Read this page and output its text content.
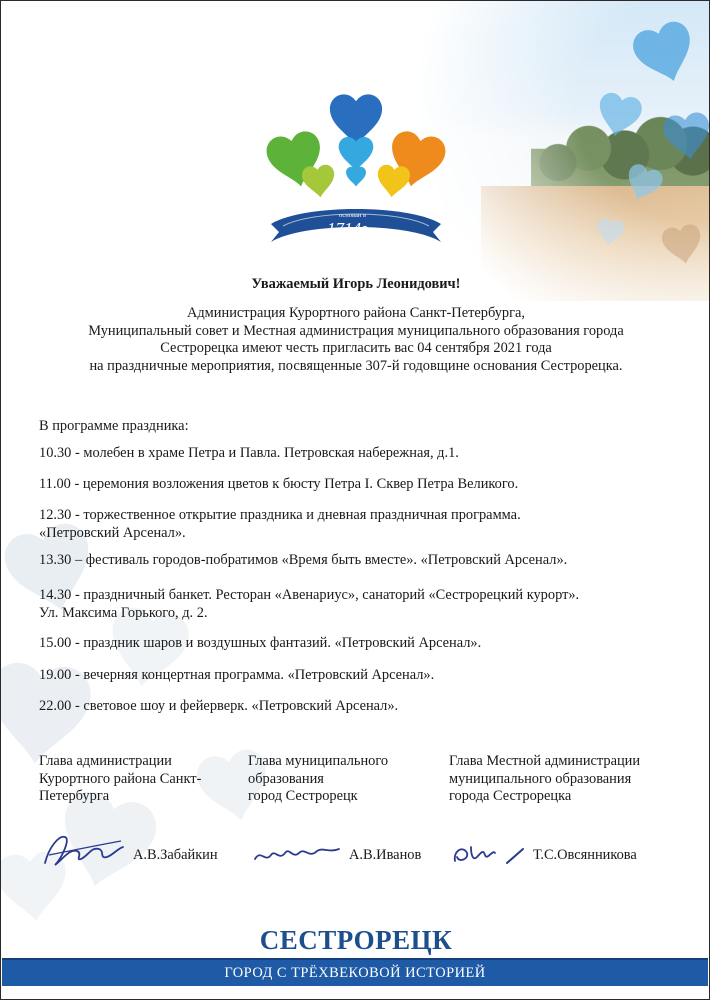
основан в
1714г.
Уважаемый Игорь Леонидович!
Администрация Курортного района Санкт-Петербурга,
Муниципальный совет и Местная администрация муниципального образования города
Сестрорецка имеют честь пригласить вас 04 сентября 2021 года
на праздничные мероприятия, посвященные 307-й годовщине основания Сестрорецка.
В программе праздника:
10.30 - молебен в храме Петра и Павла. Петровская набережная, д.1.
11.00 - церемония возложения цветов к бюсту Петра I. Сквер Петра Великого.
12.30 - торжественное открытие праздника и дневная праздничная программа.
«Петровский Арсенал».
13.30 – фестиваль городов-побратимов «Время быть вместе». «Петровский Арсенал».
14.30 - праздничный банкет. Ресторан «Авенариус», санаторий «Сестрорецкий курорт».
Ул. Максима Горького, д. 2.
15.00 - праздник шаров и воздушных фантазий. «Петровский Арсенал».
19.00 - вечерняя концертная программа. «Петровский Арсенал».
22.00 - световое шоу и фейерверк. «Петровский Арсенал».
Глава администрации
Курортного района Санкт-
Петербурга
Глава муниципального
образования
город Сестрорецк
Глава Местной администрации
муниципального образования
города Сестрорецка
А.В.Забайкин	А.В.Иванов	Т.С.Овсянникова
СЕСТРОРЕЦК
ГОРОД С ТРЁХВЕКОВОЙ ИСТОРИЕЙ
